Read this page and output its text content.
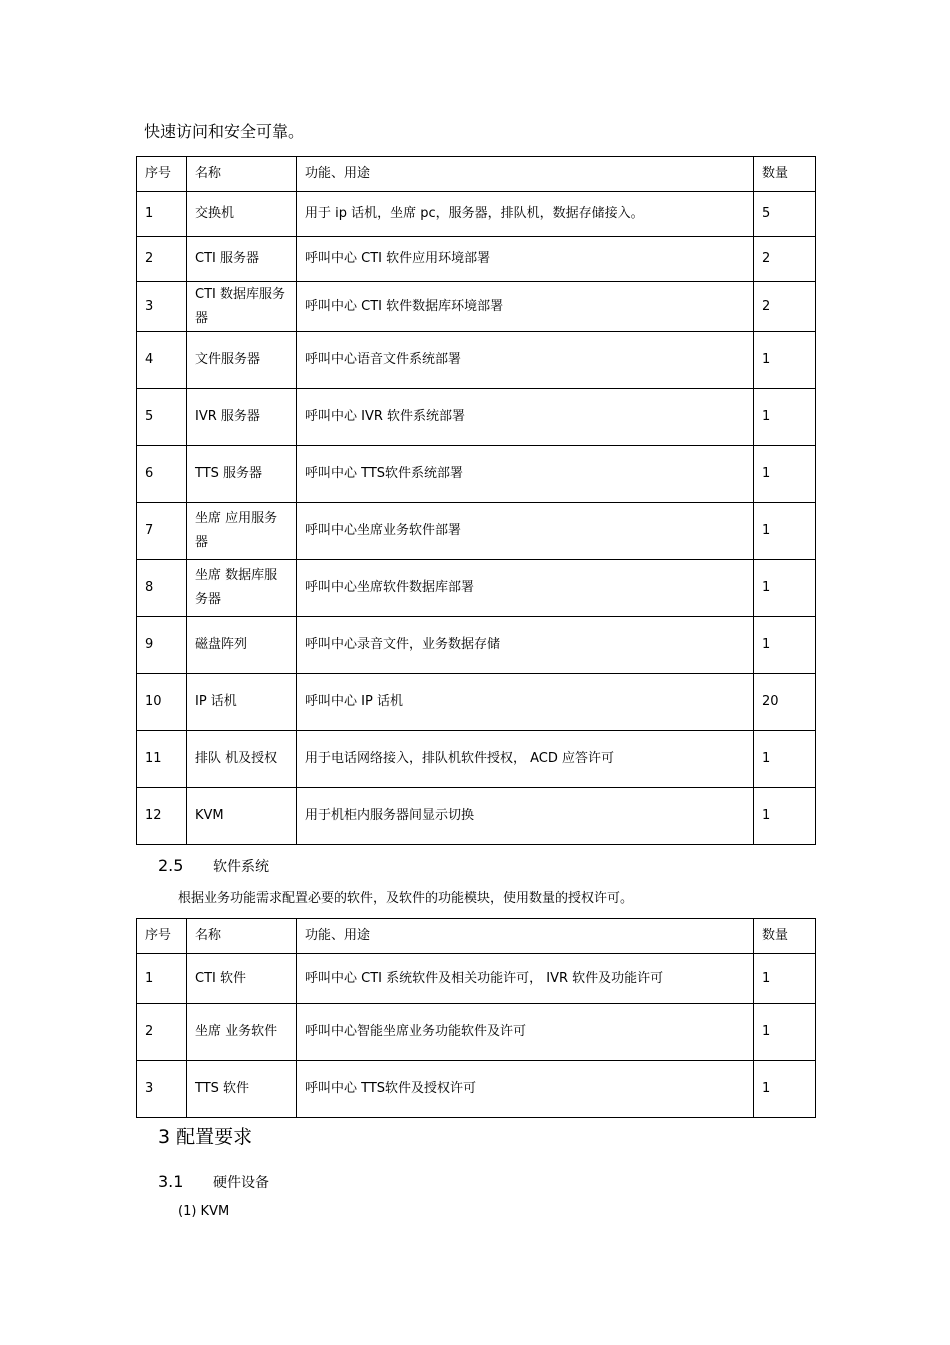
快速访问和安全可靠。
序号	名称	功能、用途	数量
1	交换机	用于 ip 话机，坐席 pc，服务器，排队机，数据存储接入。	5
2	CTI 服务器	呼叫中心 CTI 软件应用环境部署	2
3	CTI 数据库服务器	呼叫中心 CTI 软件数据库环境部署	2
4	文件服务器	呼叫中心语音文件系统部署	1
5	IVR 服务器	呼叫中心 IVR 软件系统部署	1
6	TTS 服务器	呼叫中心 TTS软件系统部署	1
7	坐席 应用服务器	呼叫中心坐席业务软件部署	1
8	坐席 数据库服务器	呼叫中心坐席软件数据库部署	1
9	磁盘阵列	呼叫中心录音文件，业务数据存储	1
10	IP 话机	呼叫中心 IP 话机	20
11	排队 机及授权	用于电话网络接入，排队机软件授权， ACD 应答许可	1
12	KVM	用于机柜内服务器间显示切换	1
2.5 软件系统
根据业务功能需求配置必要的软件，及软件的功能模块，使用数量的授权许可。
序号	名称	功能、用途	数量
1	CTI 软件	呼叫中心 CTI 系统软件及相关功能许可， IVR 软件及功能许可	1
2	坐席 业务软件	呼叫中心智能坐席业务功能软件及许可	1
3	TTS 软件	呼叫中心 TTS软件及授权许可	1
3 配置要求
3.1 硬件设备
(1) KVM
